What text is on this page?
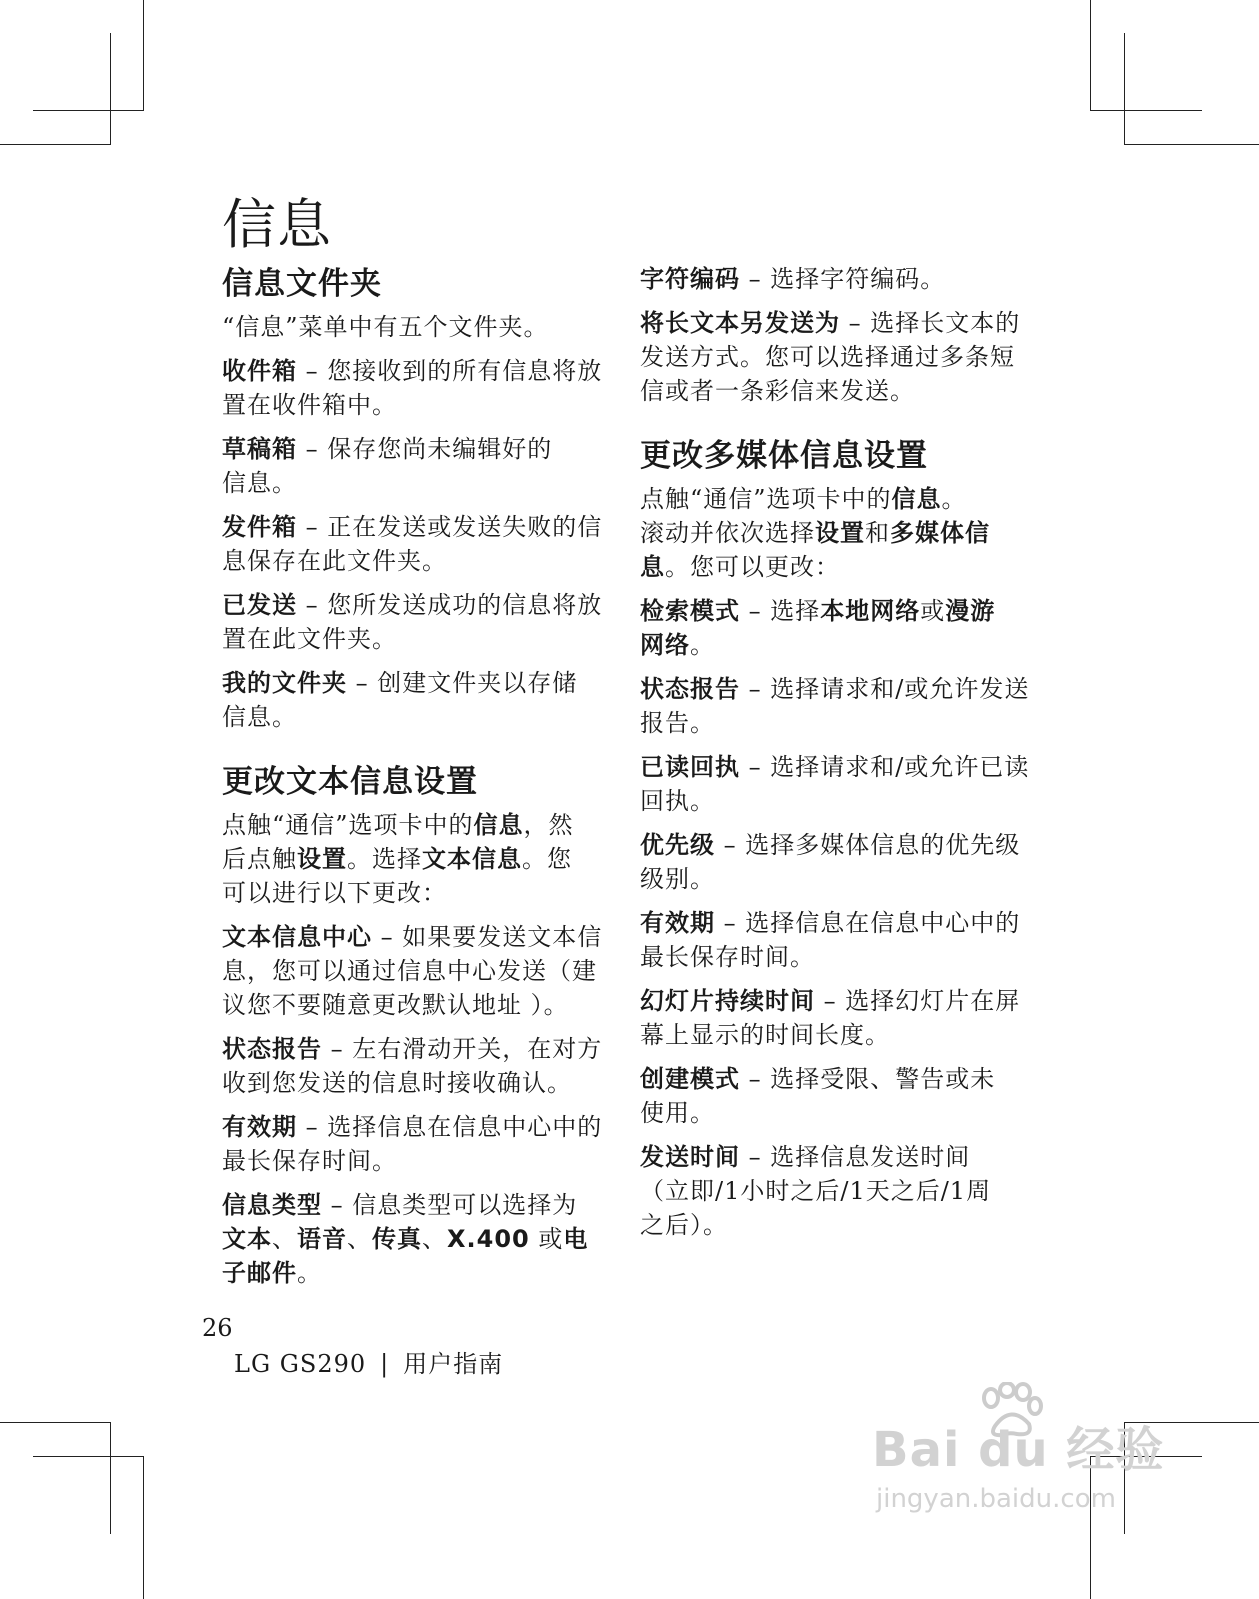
信息
信息文件夹

“信息”菜单中有五个文件夹。

收件箱 – 您接收到的所有信息将放置在收件箱中。

草稿箱 – 保存您尚未编辑好的信息。

发件箱 – 正在发送或发送失败的信息保存在此文件夹。

已发送 – 您所发送成功的信息将放置在此文件夹。

我的文件夹 – 创建文件夹以存储信息。

更改文本信息设置

点触“通信”选项卡中的信息，然后点触设置。选择文本信息。您可以进行以下更改：

文本信息中心 – 如果要发送文本信息，您可以通过信息中心发送（建议您不要随意更改默认地址 ）。

状态报告 – 左右滑动开关，在对方收到您发送的信息时接收确认。

有效期 – 选择信息在信息中心中的最长保存时间。

信息类型 – 信息类型可以选择为文本、语音、传真、X.400 或电子邮件。

字符编码 – 选择字符编码。

将长文本另发送为 – 选择长文本的发送方式。您可以选择通过多条短信或者一条彩信来发送。

更改多媒体信息设置

点触“通信”选项卡中的信息。滚动并依次选择设置和多媒体信息。您可以更改：

检索模式 – 选择本地网络或漫游网络。

状态报告 – 选择请求和/或允许发送报告。

已读回执 – 选择请求和/或允许已读回执。

优先级 – 选择多媒体信息的优先级级别。

有效期 – 选择信息在信息中心中的最长保存时间。

幻灯片持续时间 – 选择幻灯片在屏幕上显示的时间长度。

创建模式 – 选择受限、警告或未使用。

发送时间 – 选择信息发送时间（立即/1小时之后/1天之后/1周之后）。

26
LG GS290 | 用户指南
Bai du 经验
jingyan.baidu.com
